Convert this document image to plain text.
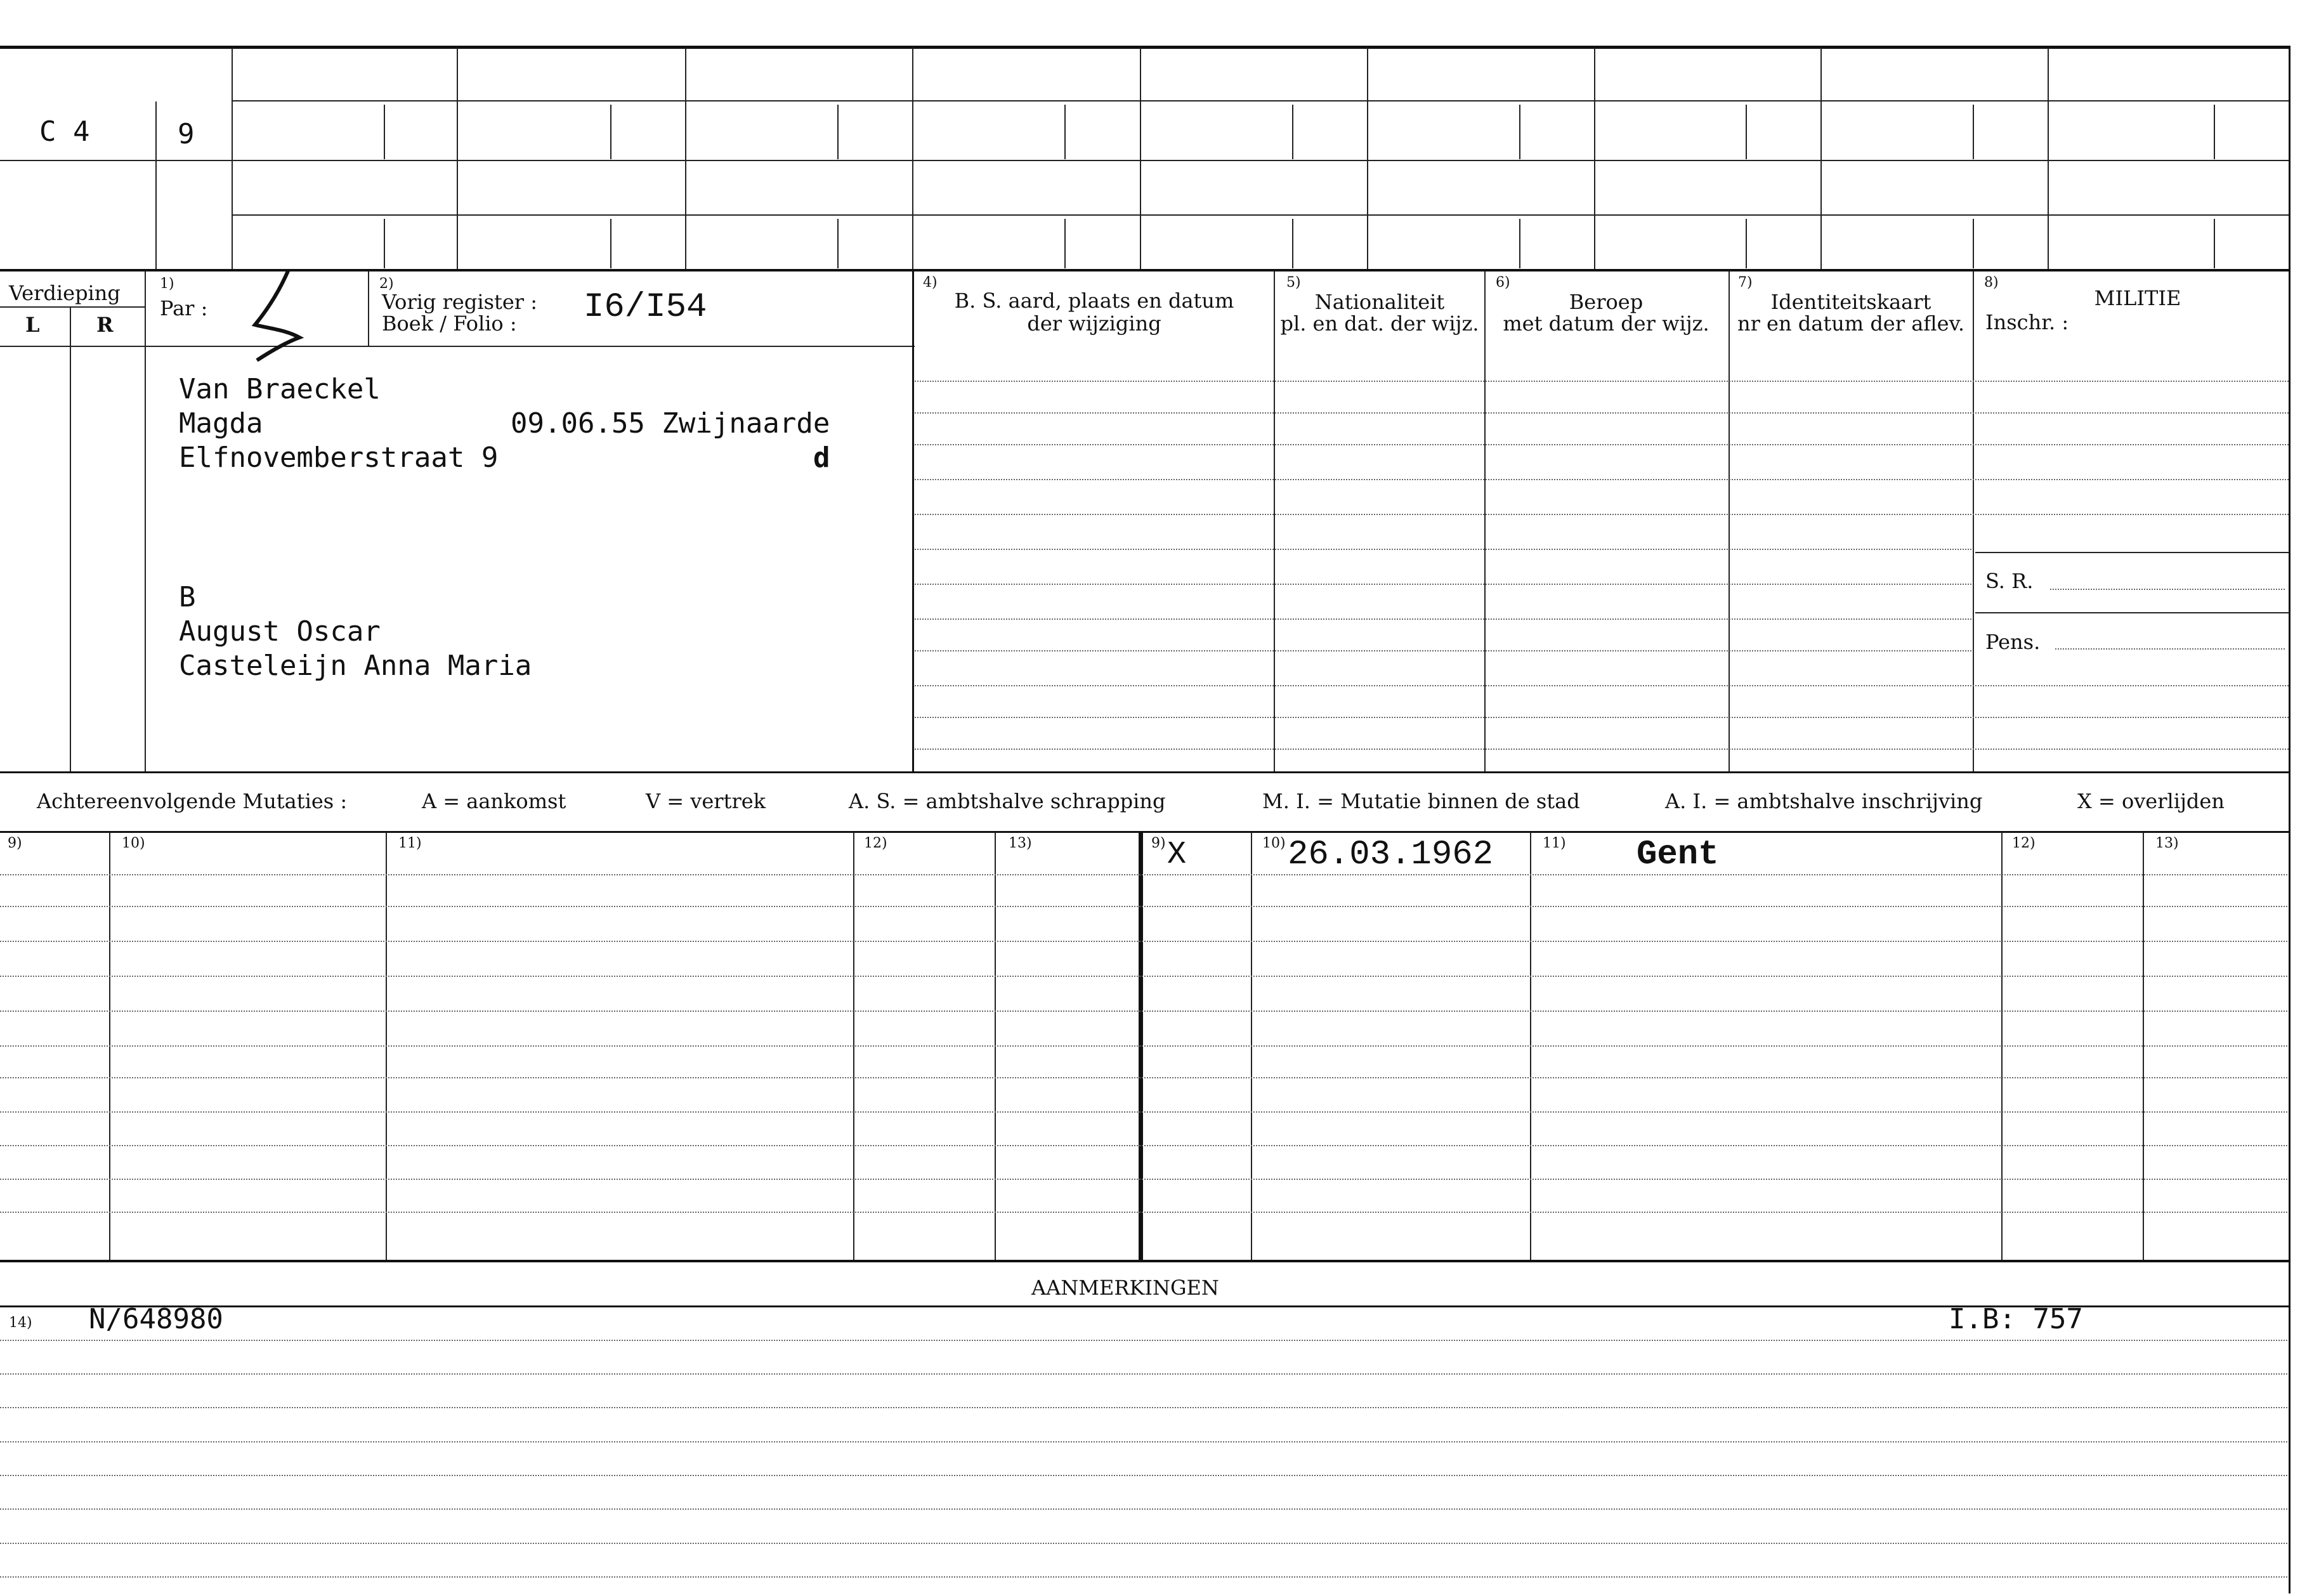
C 4	9
Verdieping
L	R
1)
Par :
2)
Vorig register :
Boek / Folio : I6/I54
Van Braeckel
Magda	09.06.55 Zwijnaarde
Elfnovemberstraat 9	d
B
August Oscar
Casteleijn Anna Maria
4)
B. S. aard, plaats en datum
der wijziging
5)
Nationaliteit
pl. en dat. der wijz.
6)
Beroep
met datum der wijz.
7)
Identiteitskaart
nr en datum der aflev.
8)
MILITIE
Inschr. :
S. R.
Pens.
Achtereenvolgende Mutaties :	A = aankomst	V = vertrek	A. S. = ambtshalve schrapping	M. I. = Mutatie binnen de stad	A. I. = ambtshalve inschrijving	X = overlijden
9)	10)	11)	12)	13)	9)	10)	11)	12)	13)
X	26.03.1962	Gent
AANMERKINGEN
14) N/648980	I.B: 757
